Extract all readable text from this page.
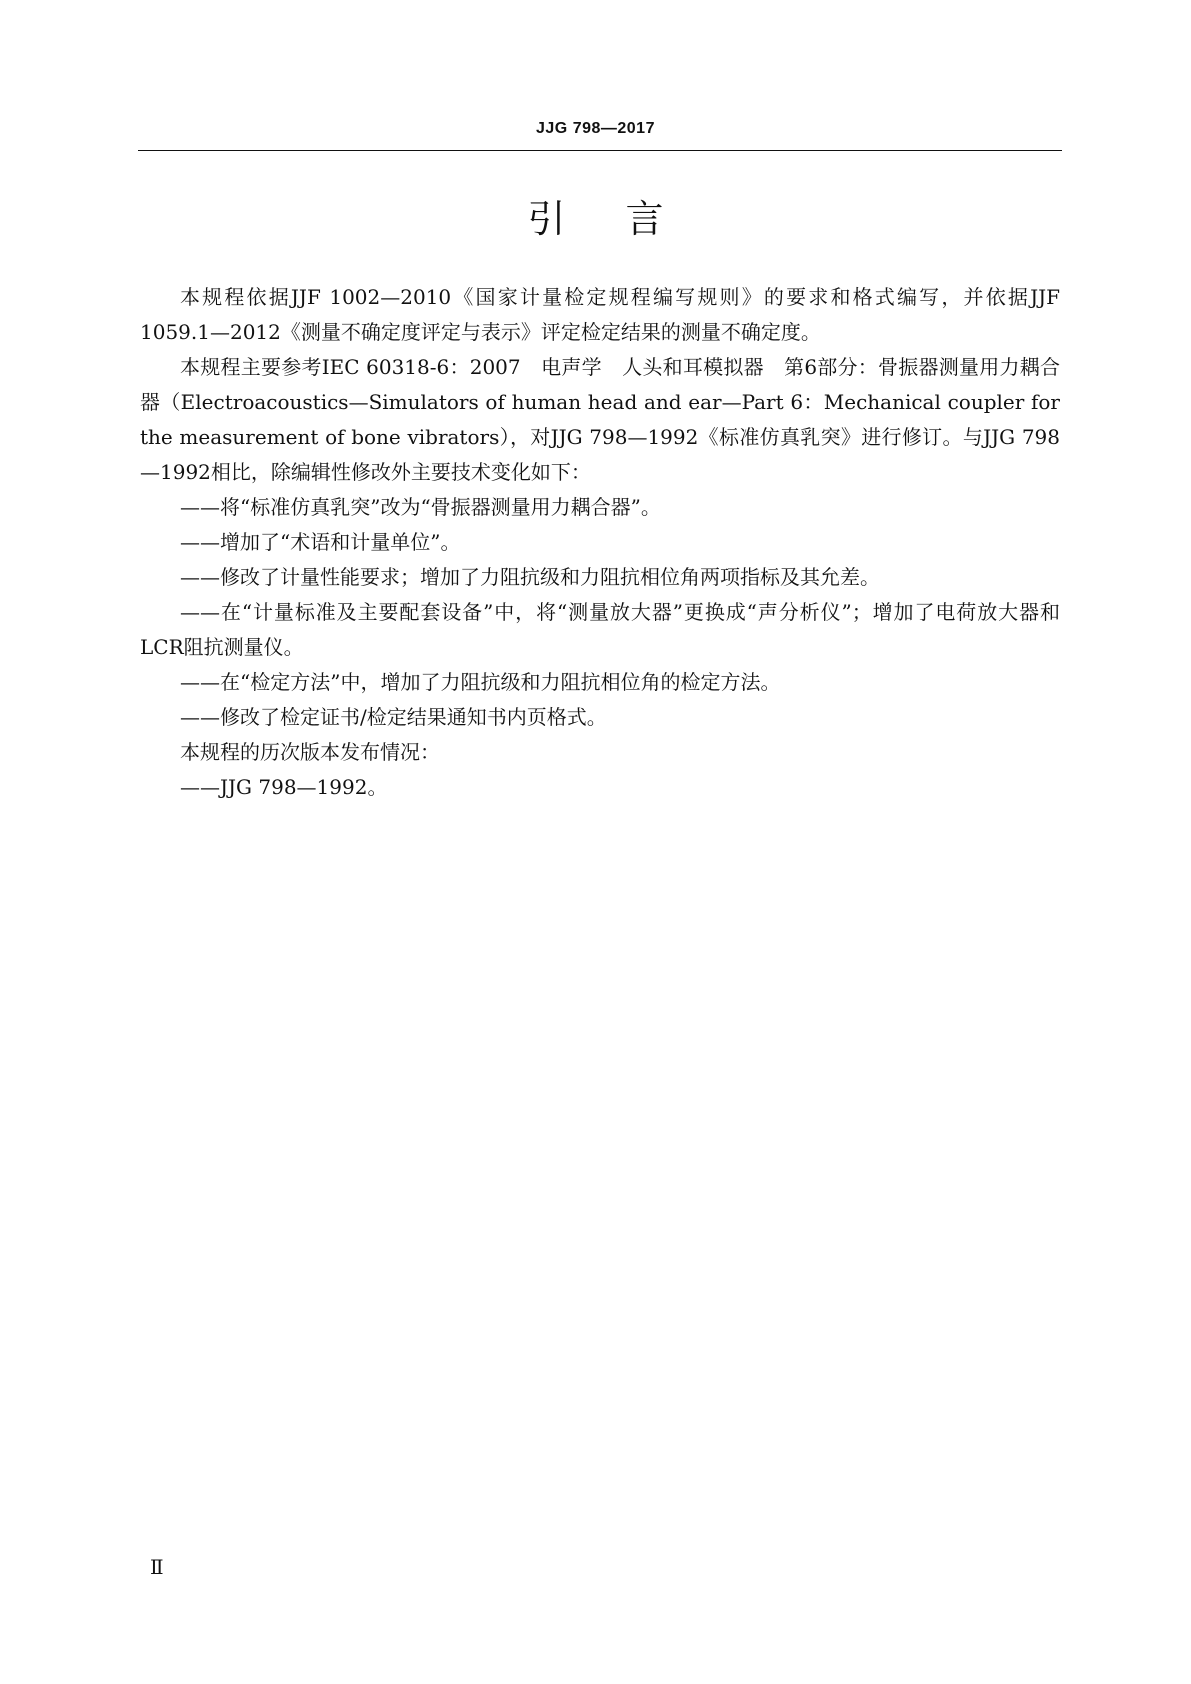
JJG 798—2017
引言

本规程依据JJF 1002—2010《国家计量检定规程编写规则》的要求和格式编写，并依据JJF 1059.1—2012《测量不确定度评定与表示》评定检定结果的测量不确定度。

本规程主要参考IEC 60318-6：2007　电声学　人头和耳模拟器　第6部分：骨振器测量用力耦合器（Electroacoustics—Simulators of human head and ear—Part 6：Mechanical coupler for the measurement of bone vibrators），对JJG 798—1992《标准仿真乳突》进行修订。与JJG 798—1992相比，除编辑性修改外主要技术变化如下：

——将“标准仿真乳突”改为“骨振器测量用力耦合器”。

——增加了“术语和计量单位”。

——修改了计量性能要求；增加了力阻抗级和力阻抗相位角两项指标及其允差。

——在“计量标准及主要配套设备”中，将“测量放大器”更换成“声分析仪”；增加了电荷放大器和LCR阻抗测量仪。

——在“检定方法”中，增加了力阻抗级和力阻抗相位角的检定方法。

——修改了检定证书/检定结果通知书内页格式。

本规程的历次版本发布情况：

——JJG 798—1992。

Ⅱ
